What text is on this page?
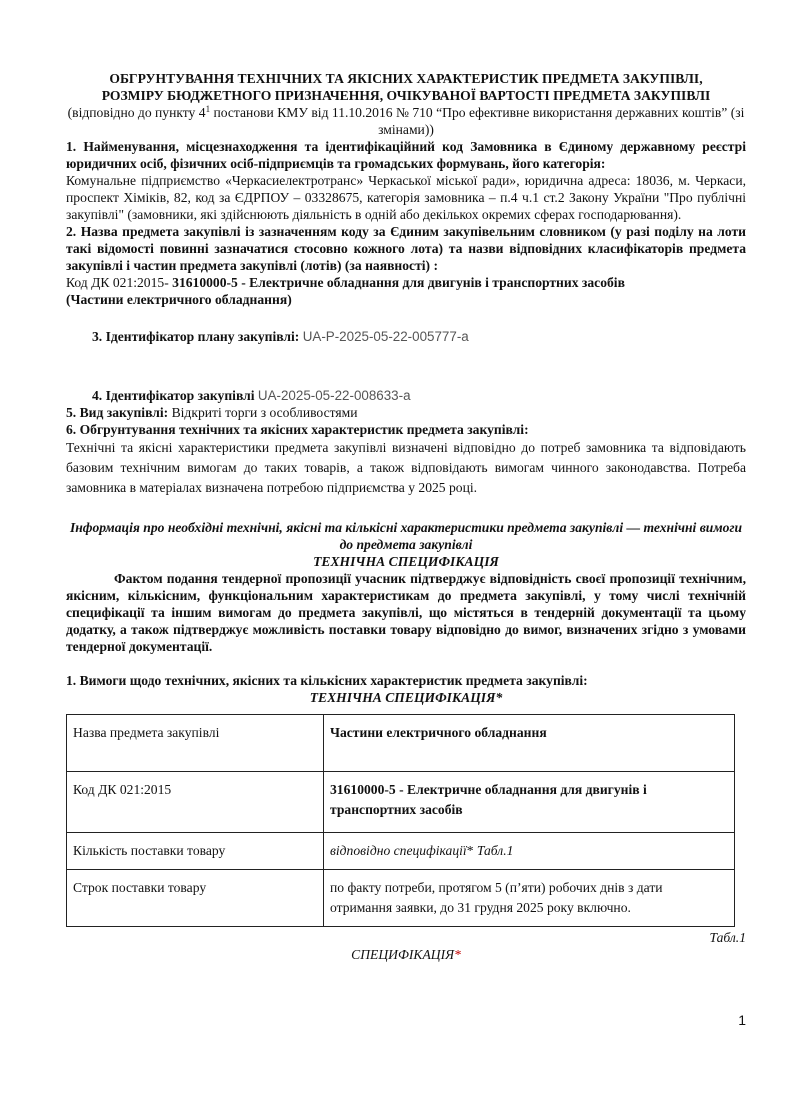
ОБГРУНТУВАННЯ ТЕХНІЧНИХ ТА ЯКІСНИХ ХАРАКТЕРИСТИК ПРЕДМЕТА ЗАКУПІВЛІ,

РОЗМІРУ БЮДЖЕТНОГО ПРИЗНАЧЕННЯ, ОЧІКУВАНОЇ ВАРТОСТІ ПРЕДМЕТА ЗАКУПІВЛІ

(відповідно до пункту $4^1$ постанови КМУ від 11.10.2016 № 710 “Про ефективне використання державних коштів” (зі змінами))

1. Найменування, місцезнаходження та ідентифікаційний код Замовника в Єдиному державному реєстрі юридичних осіб, фізичних осіб-підприємців та громадських формувань, його категорія:

Комунальне підприємство «Черкасиелектротранс» Черкаської міської ради», юридична адреса: 18036, м. Черкаси, проспект Хіміків, 82, код за ЄДРПОУ – 03328675, категорія замовника – п.4 ч.1 ст.2 Закону України "Про публічні закупівлі" (замовники, які здійснюють діяльність в одній або декількох окремих сферах господарювання).

2. Назва предмета закупівлі із зазначенням коду за Єдиним закупівельним словником (у разі поділу на лоти такі відомості повинні зазначатися стосовно кожного лота) та назви відповідних класифікаторів предмета закупівлі і частин предмета закупівлі (лотів) (за наявності) :

Код ДК 021:2015- 31610000-5 - Електричне обладнання для двигунів і транспортних засобів

(Частини електричного обладнання)

3. Ідентифікатор плану закупівлі: UA-P-2025-05-22-005777-a

4. Ідентифікатор закупівлі UA-2025-05-22-008633-a

5. Вид закупівлі: Відкриті торги з особливостями

6. Обгрунтування технічних та якісних характеристик предмета закупівлі:

Технічні та якісні характеристики предмета закупівлі визначені відповідно до потреб замовника та відповідають базовим технічним вимогам до таких товарів, а також відповідають вимогам чинного законодавства. Потреба замовника в матеріалах визначена потребою підприємства у 2025 році.

Інформація про необхідні технічні, якісні та кількісні характеристики предмета закупівлі — технічні вимоги до предмета закупівлі

ТЕХНІЧНА СПЕЦИФІКАЦІЯ

Фактом подання тендерної пропозиції учасник підтверджує відповідність своєї пропозиції технічним, якісним, кількісним, функціональним характеристикам до предмета закупівлі, у тому числі технічній специфікації та іншим вимогам до предмета закупівлі, що містяться в тендерній документації та цьому додатку, а також підтверджує можливість поставки товару відповідно до вимог, визначених згідно з умовами тендерної документації.

1. Вимоги щодо технічних, якісних та кількісних характеристик предмета закупівлі:

ТЕХНІЧНА СПЕЦИФІКАЦІЯ*

Назва предмета закупівлі	Частини електричного обладнання
Код ДК 021:2015	31610000-5 - Електричне обладнання для двигунів і транспортних засобів
Кількість поставки товару	відповідно специфікації* Табл.1
Строк поставки товару	по факту потреби, протягом 5 (п’яти) робочих днів з дати отримання заявки, до 31 грудня 2025 року включно.

Табл.1

СПЕЦИФІКАЦІЯ*

1
